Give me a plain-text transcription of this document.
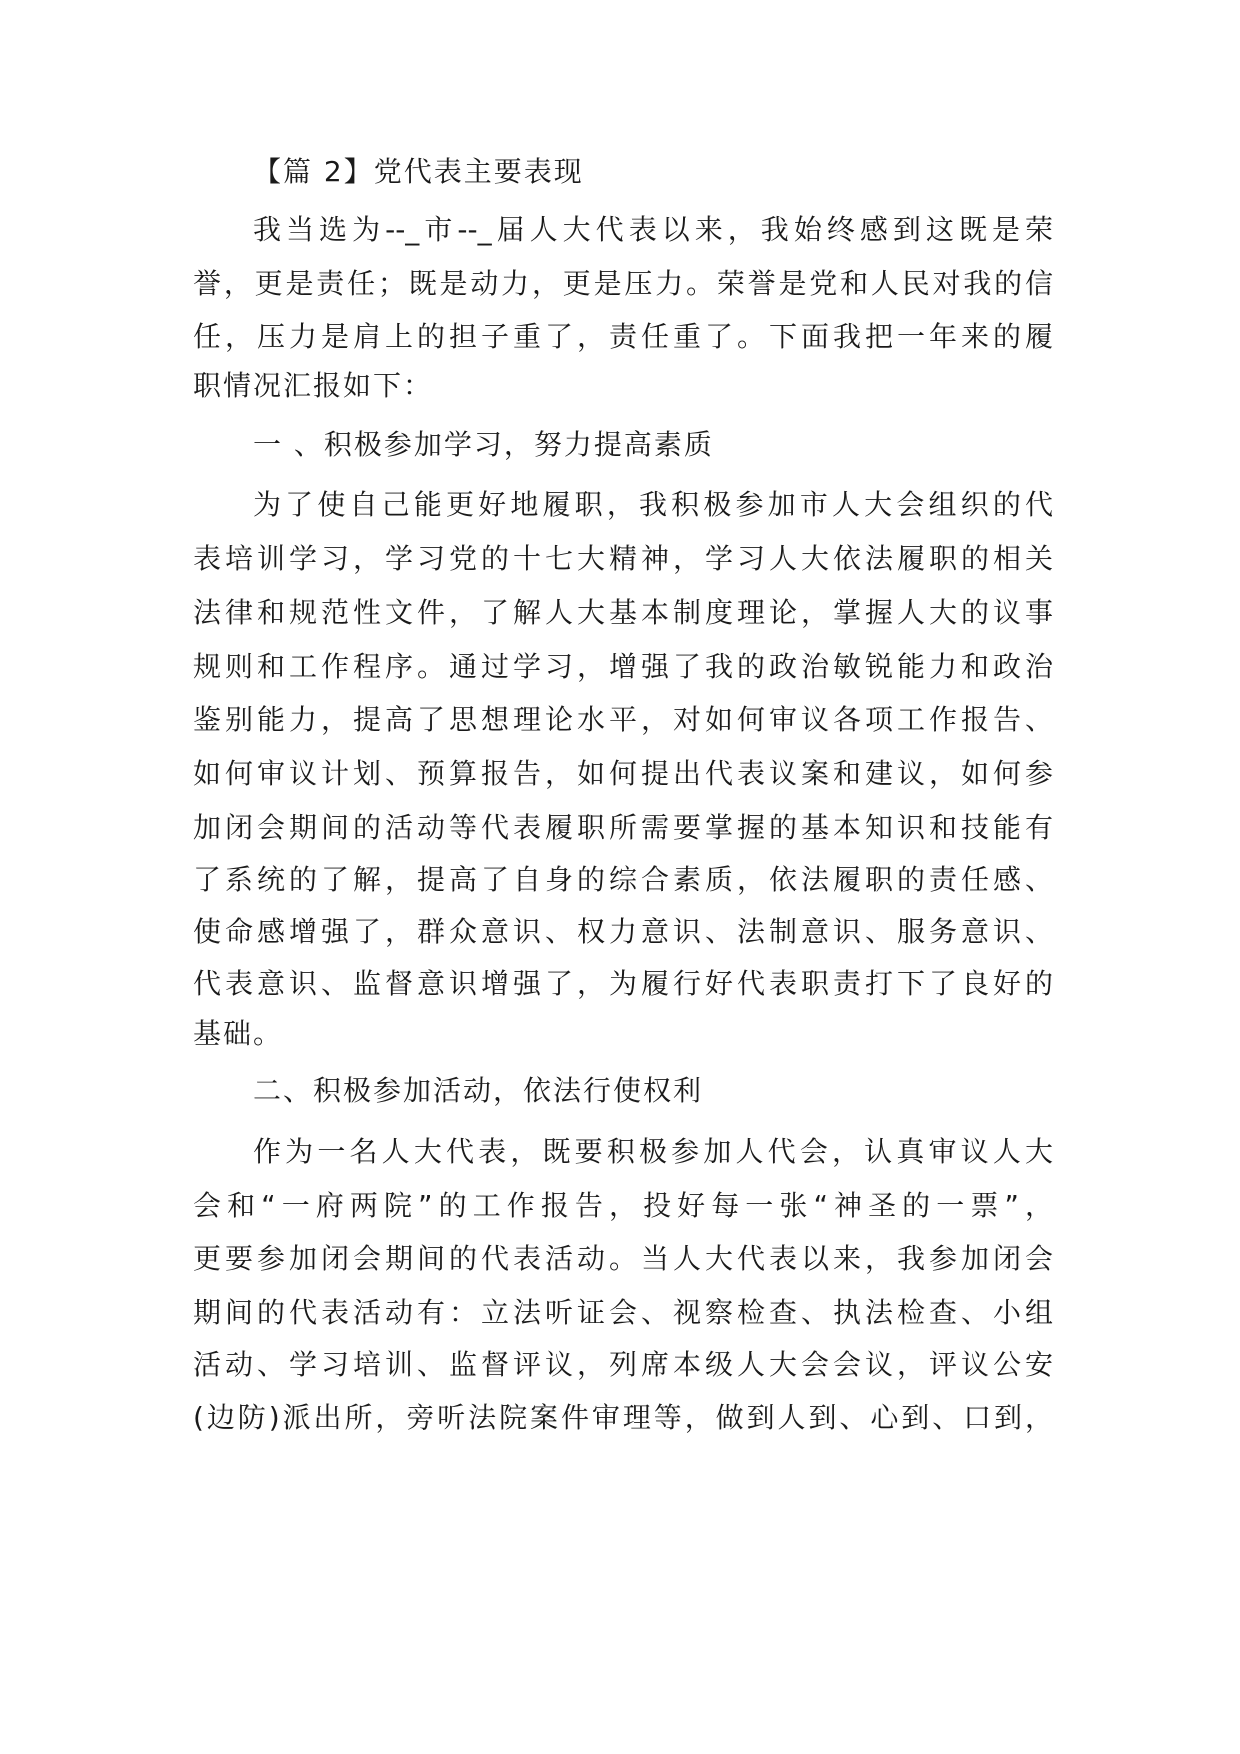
【篇 2】党代表主要表现
我当选为--_市--_届人大代表以来，我始终感到这既是荣
誉，更是责任；既是动力，更是压力。荣誉是党和人民对我的信
任，压力是肩上的担子重了，责任重了。下面我把一年来的履
职情况汇报如下：
一 、积极参加学习，努力提高素质
为了使自己能更好地履职，我积极参加市人大会组织的代
表培训学习，学习党的十七大精神，学习人大依法履职的相关
法律和规范性文件，了解人大基本制度理论，掌握人大的议事
规则和工作程序。通过学习，增强了我的政治敏锐能力和政治
鉴别能力，提高了思想理论水平，对如何审议各项工作报告、
如何审议计划、预算报告，如何提出代表议案和建议，如何参
加闭会期间的活动等代表履职所需要掌握的基本知识和技能有
了系统的了解，提高了自身的综合素质，依法履职的责任感、
使命感增强了，群众意识、权力意识、法制意识、服务意识、
代表意识、监督意识增强了，为履行好代表职责打下了良好的
基础。
二、积极参加活动，依法行使权利
作为一名人大代表，既要积极参加人代会，认真审议人大
会和“一府两院”的工作报告，投好每一张“神圣的一票”，
更要参加闭会期间的代表活动。当人大代表以来，我参加闭会
期间的代表活动有：立法听证会、视察检查、执法检查、小组
活动、学习培训、监督评议，列席本级人大会会议，评议公安
(边防)派出所，旁听法院案件审理等，做到人到、心到、口到，
